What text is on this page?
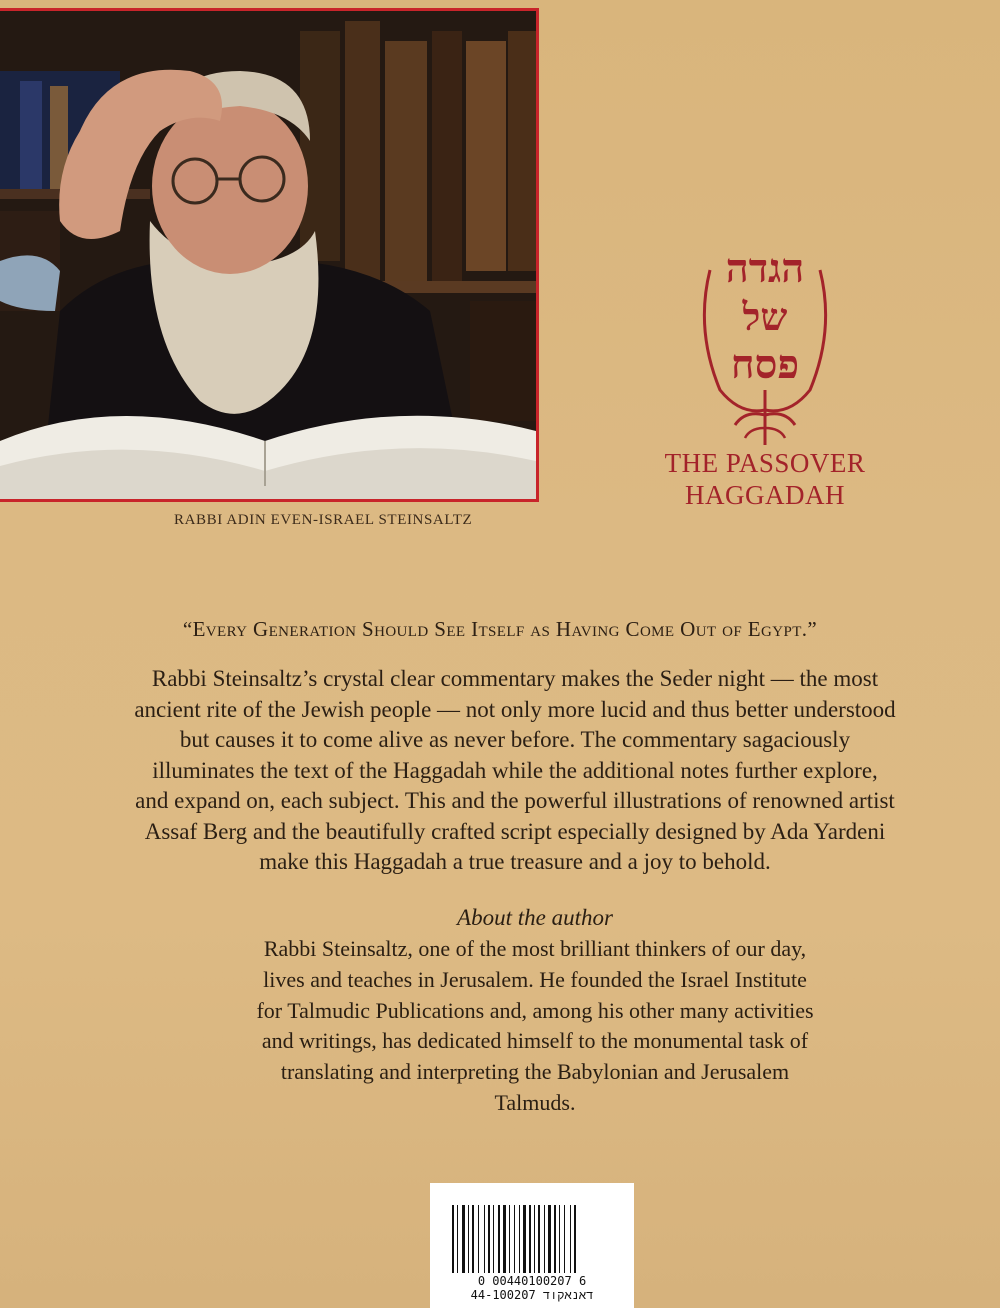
RABBI ADIN EVEN-ISRAEL STEINSALTZ
הגדה
של
פסח
THE PASSOVER
HAGGADAH
“Every Generation Should See Itself as Having Come Out of Egypt.”
Rabbi Steinsaltz’s crystal clear commentary makes the Seder night — the most
ancient rite of the Jewish people — not only more lucid and thus better understood
but causes it to come alive as never before. The commentary sagaciously
illuminates the text of the Haggadah while the additional notes further explore,
and expand on, each subject. This and the powerful illustrations of renowned artist
Assaf Berg and the beautifully crafted script especially designed by Ada Yardeni
make this Haggadah a true treasure and a joy to behold.
About the author
Rabbi Steinsaltz, one of the most brilliant thinkers of our day,
lives and teaches in Jerusalem. He founded the Israel Institute
for Talmudic Publications and, among his other many activities
and writings, has dedicated himself to the monumental task of
translating and interpreting the Babylonian and Jerusalem
Talmuds.
0 00440100207 6
44-100207 דאנאקוד
